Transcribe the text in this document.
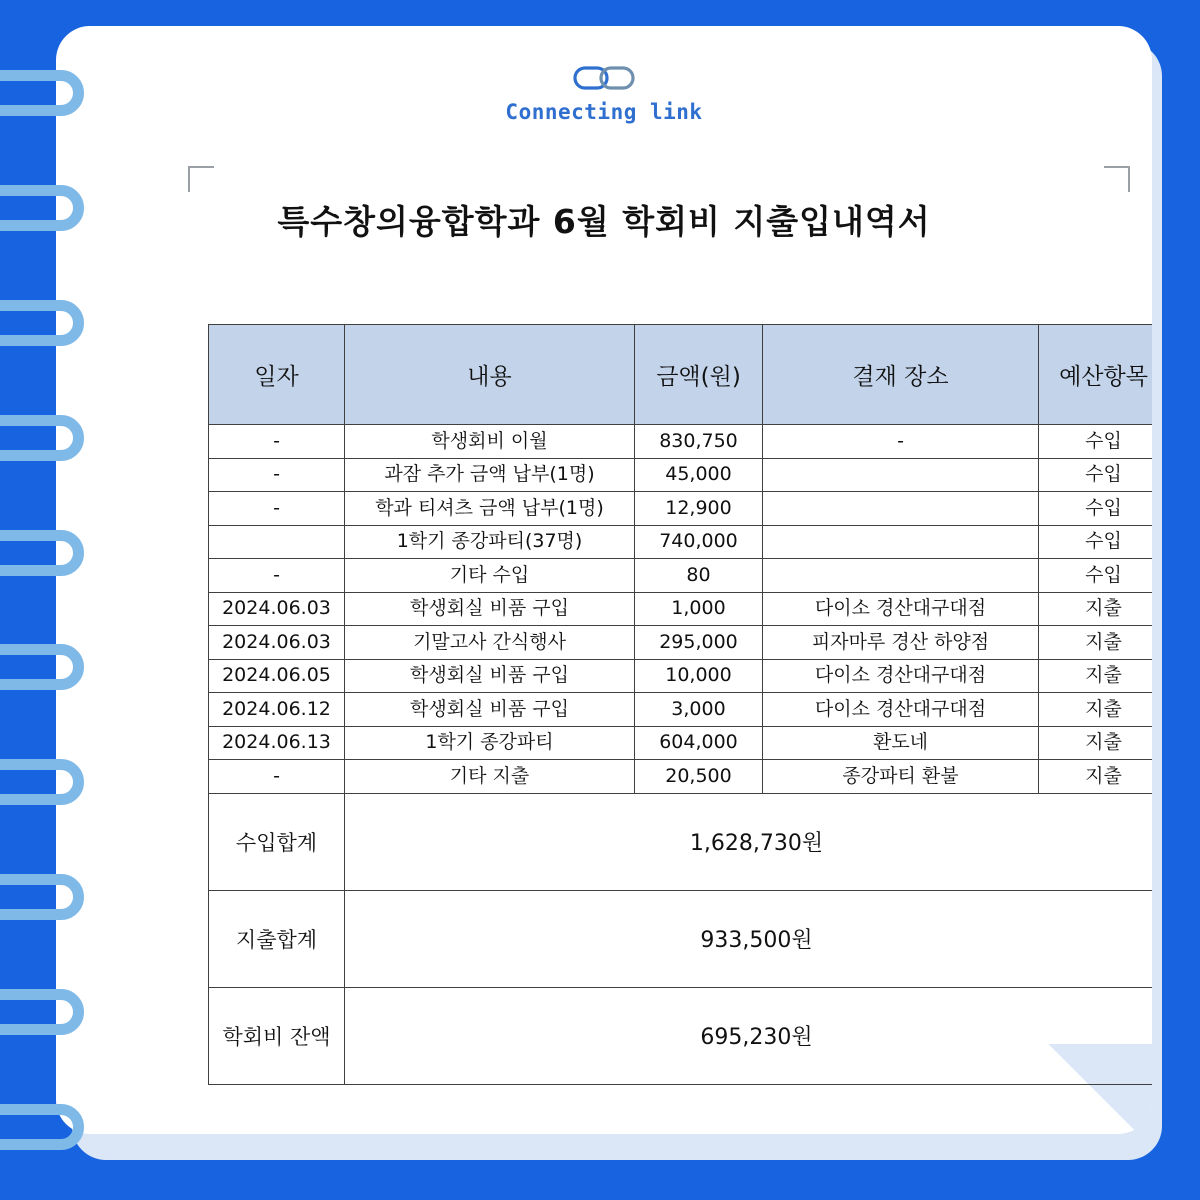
Connecting link
특수창의융합학과 6월 학회비 지출입내역서
일자	내용	금액(원)	결재 장소	예산항목
-	학생회비 이월	830,750	-	수입
-	과잠 추가 금액 납부(1명)	45,000		수입
-	학과 티셔츠 금액 납부(1명)	12,900		수입
	1학기 종강파티(37명)	740,000		수입
-	기타 수입	80		수입
2024.06.03	학생회실 비품 구입	1,000	다이소 경산대구대점	지출
2024.06.03	기말고사 간식행사	295,000	피자마루 경산 하양점	지출
2024.06.05	학생회실 비품 구입	10,000	다이소 경산대구대점	지출
2024.06.12	학생회실 비품 구입	3,000	다이소 경산대구대점	지출
2024.06.13	1학기 종강파티	604,000	환도네	지출
-	기타 지출	20,500	종강파티 환불	지출
수입합계	1,628,730원			
지출합계	933,500원			
학회비 잔액	695,230원			
